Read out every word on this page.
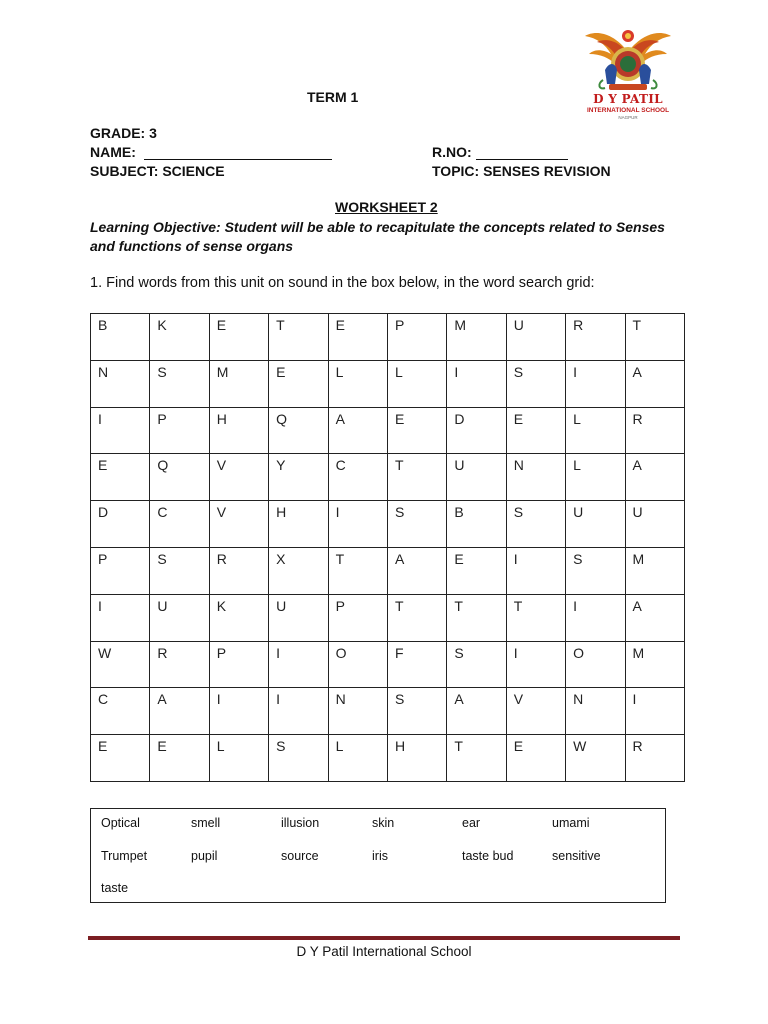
D Y PATIL
INTERNATIONAL SCHOOL
NAGPUR
TERM 1
GRADE: 3
NAME:	R.NO:
SUBJECT: SCIENCE	TOPIC: SENSES REVISION
WORKSHEET 2
Learning Objective: Student will be able to recapitulate the concepts related to Senses and functions of sense organs
1. Find words from this unit on sound in the box below, in the word search grid:
B	K	E	T	E	P	M	U	R	T
N	S	M	E	L	L	I	S	I	A
I	P	H	Q	A	E	D	E	L	R
E	Q	V	Y	C	T	U	N	L	A
D	C	V	H	I	S	B	S	U	U
P	S	R	X	T	A	E	I	S	M
I	U	K	U	P	T	T	T	I	A
W	R	P	I	O	F	S	I	O	M
C	A	I	I	N	S	A	V	N	I
E	E	L	S	L	H	T	E	W	R
Optical	smell	illusion	skin	ear	umami
Trumpet	pupil	source	iris	taste bud	sensitive
taste
D Y Patil International School
